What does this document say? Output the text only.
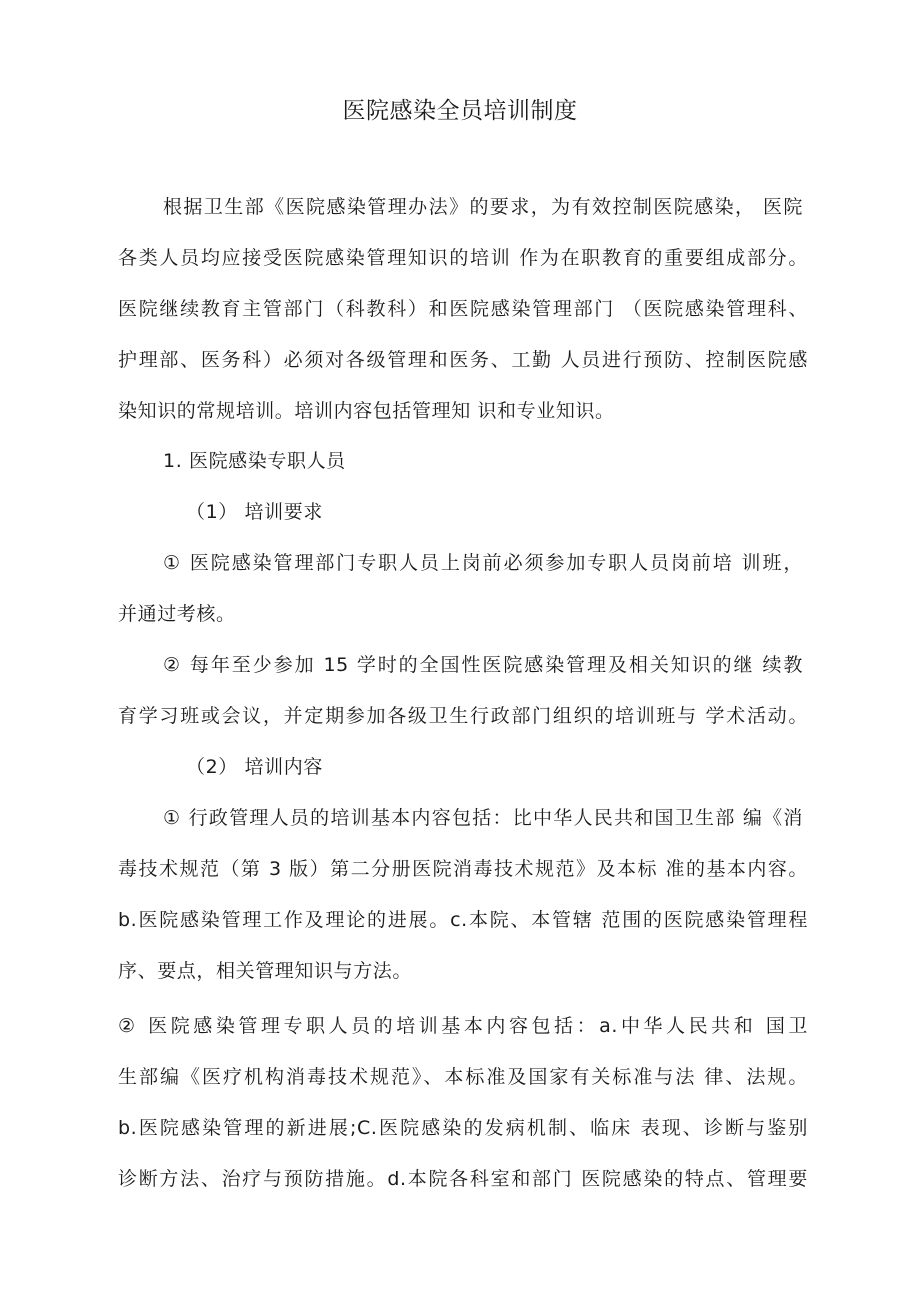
医院感染全员培训制度
根据卫生部《医院感染管理办法》的要求，为有效控制医院感染， 医院
各类人员均应接受医院感染管理知识的培训 作为在职教育的重要组成部分。
医院继续教育主管部门（科教科）和医院感染管理部门 （医院感染管理科、
护理部、医务科）必须对各级管理和医务、工勤 人员进行预防、控制医院感
染知识的常规培训。培训内容包括管理知 识和专业知识。
1. 医院感染专职人员
（1） 培训要求
① 医院感染管理部门专职人员上岗前必须参加专职人员岗前培 训班，
并通过考核。
② 每年至少参加 15 学时的全国性医院感染管理及相关知识的继 续教
育学习班或会议，并定期参加各级卫生行政部门组织的培训班与 学术活动。
（2） 培训内容
① 行政管理人员的培训基本内容包括：比中华人民共和国卫生部 编《消
毒技术规范（第 3 版）第二分册医院消毒技术规范》及本标 准的基本内容。
b.医院感染管理工作及理论的进展。c.本院、本管辖 范围的医院感染管理程
序、要点，相关管理知识与方法。
② 医院感染管理专职人员的培训基本内容包括：a.中华人民共和 国卫
生部编《医疗机构消毒技术规范》、本标准及国家有关标准与法 律、法规。
b.医院感染管理的新进展;C.医院感染的发病机制、临床 表现、诊断与鉴别
诊断方法、治疗与预防措施。d.本院各科室和部门 医院感染的特点、管理要
